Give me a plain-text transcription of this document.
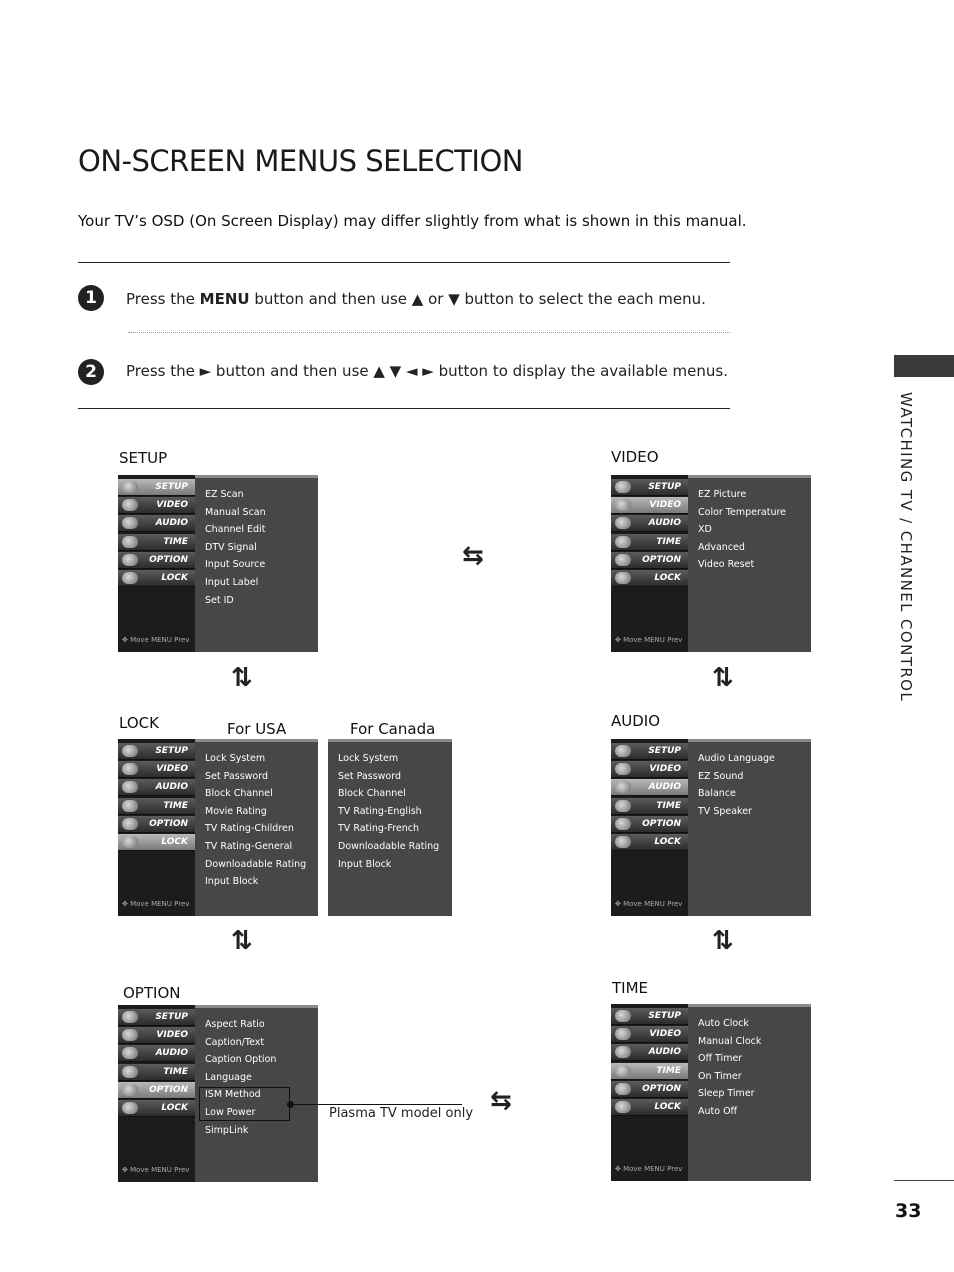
ON-SCREEN MENUS SELECTION
Your TV’s OSD (On Screen Display) may differ slightly from what is shown in this manual.
1	Press the MENU button and then use ▲ or ▼ button to select the each menu.
2	Press the ► button and then use ▲ ▼ ◄ ► button to display the available menus.
WATCHING TV / CHANNEL CONTROL
33
SETUP
SETUP
VIDEO
AUDIO
TIME
OPTION
LOCK
✥ Move MENU Prev
EZ Scan
Manual Scan
Channel Edit
DTV Signal
Input Source
Input Label
Set ID
VIDEO
SETUP
VIDEO
AUDIO
TIME
OPTION
LOCK
✥ Move MENU Prev
EZ Picture
Color Temperature
XD
Advanced
Video Reset
LOCK	For USA	For Canada
SETUP
VIDEO
AUDIO
TIME
OPTION
LOCK
✥ Move MENU Prev
Lock System
Set Password
Block Channel
Movie Rating
TV Rating-Children
TV Rating-General
Downloadable Rating
Input Block
Lock System
Set Password
Block Channel
TV Rating-English
TV Rating-French
Downloadable Rating
Input Block
AUDIO
SETUP
VIDEO
AUDIO
TIME
OPTION
LOCK
✥ Move MENU Prev
Audio Language
EZ Sound
Balance
TV Speaker
OPTION
SETUP
VIDEO
AUDIO
TIME
OPTION
LOCK
✥ Move MENU Prev
Aspect Ratio
Caption/Text
Caption Option
Language
ISM Method
Low Power
SimpLink
TIME
SETUP
VIDEO
AUDIO
TIME
OPTION
LOCK
✥ Move MENU Prev
Auto Clock
Manual Clock
Off Timer
On Timer
Sleep Timer
Auto Off
Plasma TV model only
⇆
⇆
⇅	⇅
⇅	⇅
